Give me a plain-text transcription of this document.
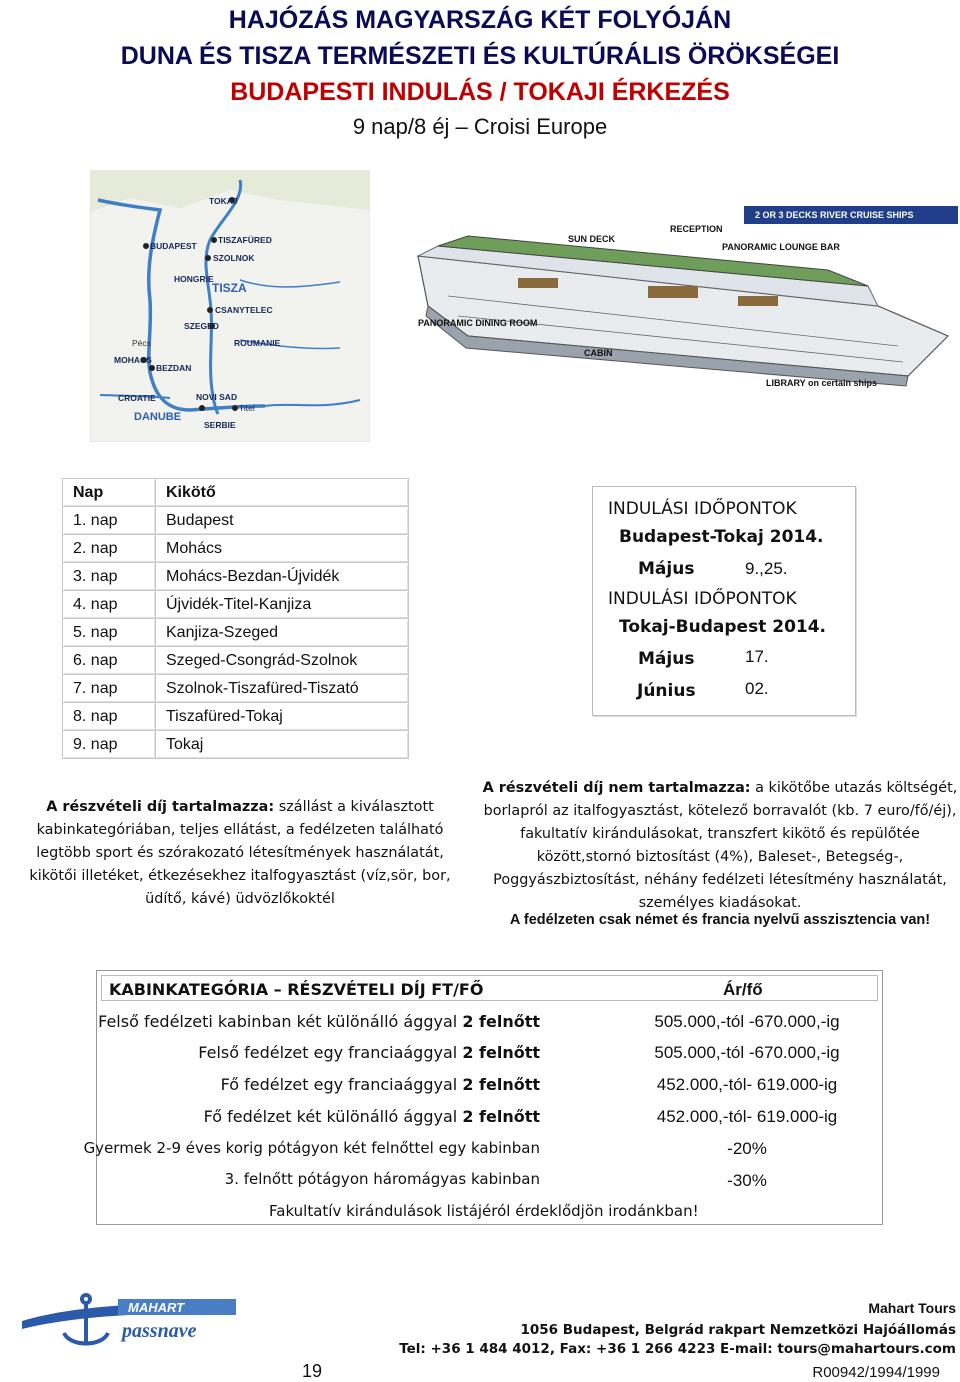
HAJÓZÁS MAGYARSZÁG KÉT FOLYÓJÁN
DUNA ÉS TISZA TERMÉSZETI ÉS KULTÚRÁLIS ÖRÖKSÉGEI
BUDAPESTI INDULÁS / TOKAJI ÉRKEZÉS
9 nap/8 éj – Croisi Europe
TOKAJ
TISZAFÜRED
SZOLNOK
BUDAPEST
HONGRIE
TISZA
CSANYTELEC
SZEGED
ROUMANIE
Pécs
MOHACS
BEZDAN
CROATIE
DANUBE
NOVI SAD
Titel
SERBIE
2 OR 3 DECKS RIVER CRUISE SHIPS
SUN DECK
RECEPTION
PANORAMIC LOUNGE BAR
PANORAMIC DINING ROOM
CABIN
LIBRARY on certain ships
Nap	Kikötő
1. nap	Budapest
2. nap	Mohács
3. nap	Mohács-Bezdan-Újvidék
4. nap	Újvidék-Titel-Kanjiza
5. nap	Kanjiza-Szeged
6. nap	Szeged-Csongrád-Szolnok
7. nap	Szolnok-Tiszafüred-Tiszató
8. nap	Tiszafüred-Tokaj
9. nap	Tokaj
INDULÁSI IDŐPONTOK
Budapest-Tokaj 2014.
Május	9.,25.
INDULÁSI IDŐPONTOK
Tokaj-Budapest 2014.
Május	17.
Június	02.
A részvételi díj tartalmazza: szállást a kiválasztott kabinkategóriában, teljes ellátást, a fedélzeten található legtöbb sport és szórakozató létesítmények használatát, kikötői illetéket, étkezésekhez italfogyasztást (víz,sör, bor, üdítő, kávé) üdvözlőkoktél
A részvételi díj nem tartalmazza: a kikötőbe utazás költségét, borlapról az italfogyasztást, kötelező borravalót (kb. 7 euro/fő/éj), fakultatív kirándulásokat, transzfert kikötő és repülőtée között,stornó biztosítást (4%), Baleset-, Betegség-, Poggyászbiztosítást, néhány fedélzeti létesítmény használatát, személyes kiadásokat.
A fedélzeten csak német és francia nyelvű asszisztencia van!
KABINKATEGÓRIA – RÉSZVÉTELI DÍJ FT/FŐ	Ár/fő
Felső fedélzeti kabinban két különálló ággyal 2 felnőtt	505.000,-tól -670.000,-ig
Felső fedélzet egy franciaággyal 2 felnőtt	505.000,-tól -670.000,-ig
Fő fedélzet egy franciaággyal 2 felnőtt	452.000,-tól- 619.000-ig
Fő fedélzet két különálló ággyal 2 felnőtt	452.000,-tól- 619.000-ig
Gyermek 2-9 éves korig pótágyon két felnőttel egy kabinban	-20%
3. felnőtt pótágyon háromágyas kabinban	-30%
Fakultatív kirándulások listájéról érdeklődjön irodánkban!
MAHART
passnave
Mahart Tours
1056 Budapest, Belgrád rakpart Nemzetközi Hajóállomás
Tel: +36 1 484 4012, Fax: +36 1 266 4223 E-mail: tours@mahartours.com
19	R00942/1994/1999
